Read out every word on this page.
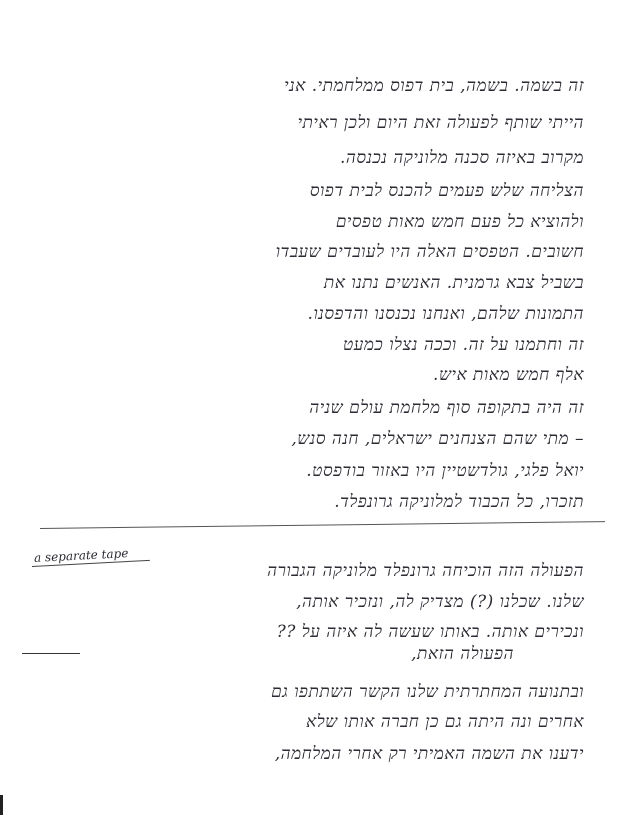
זה בשמה. בשמה, בית דפוס ממלחמתי. אני
הייתי שותף לפעולה זאת היום ולכן ראיתי
מקרוב באיזה סכנה מלוניקה נכנסה.
הצליחה שלש פעמים להכנס לבית דפוס
ולהוציא כל פעם חמש מאות טפסים
חשובים. הטפסים האלה היו לעובדים שעבדו
בשביל צבא גרמנית. האנשים נתנו את
התמונות שלהם, ואנחנו נכנסנו והדפסנו.
זה וחתמנו על זה. וככה נצלו כמעט
אלף חמש מאות איש.
זה היה בתקופה סוף מלחמת עולם שניה
– מתי שהם הצנחנים ישראלים, חנה סנש,
יואל פלגי, גולדשטיין היו באזור בודפסט.
תזכרו, כל הכבוד למלוניקה גרונפלד.
a separate tape
הפעולה הזה הוכיחה גרונפלד מלוניקה הגבורה
שלנו. שכלנו (?) מצדיק לה, ונזכיר אותה,
ונכירים אותה. באותו שעשה לה איזה על ??
הפעולה הזאת,
ובתנועה המחתרתית שלנו הקשר השתתפו גם
אחרים ונה היתה גם כן חברה אותו שלא
ידענו את השמה האמיתי רק אחרי המלחמה,
